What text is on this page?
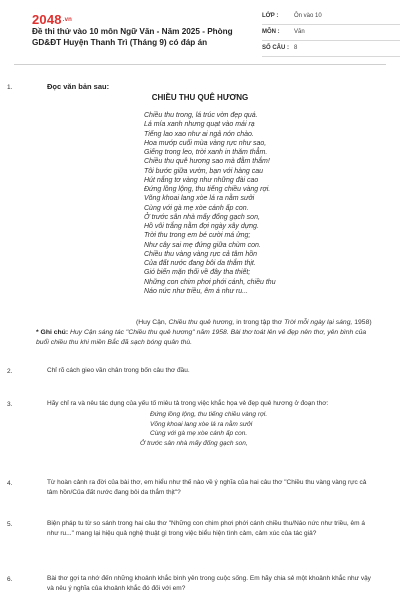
$2048^{.vn}$
Đề thi thử vào 10 môn Ngữ Văn - Năm 2025 - Phòng GD&ĐT Huyện Thanh Trì (Tháng 9) có đáp án
LỚP :	Ôn vào 10
MÔN : Văn
SỐ CÂU : 8
1.	Đọc văn bản sau:
CHIỀU THU QUÊ HƯƠNG
Chiều thu trong, lá trúc vờn đẹp quá.
Lá mía xanh nhưng quạt vào mái rạ
Tiếng lao xao như ai ngả nón chào.
Hoa mướp cuối mùa vàng rực như sao,
Giếng trong leo, trời xanh in thăm thẳm.
Chiều thu quê hương sao mà đằm thắm!
Tôi bước giữa vườn, bạn với hàng cau
Hút nắng tơ vàng như những đài cao
Đứng lồng lộng, thu tiếng chiều vàng rợi.
Võng khoai lang xòe lá ra nằm sưởi
Cùng với gà mẹ xòe cánh ấp con.
Ở trước sân nhà mấy đống gạch son,
Hồ vôi trắng nằm đợi ngày xây dựng.
Trời thu trong em bé cười má ửng;
Như cây sai mẹ đứng giữa chùm con.
Chiều thu vàng vàng rực cả tâm hồn
Của đất nước đang bôi da thắm thịt.
Gió biển mặn thổi về đây tha thiết;
Những con chim phơi phới cánh, chiều thu
Náo nức như triều, êm á như ru...
(Huy Cận, Chiều thu quê hương, in trong tập thơ Trời mỗi ngày lại sáng, 1958)
* Ghi chú: Huy Cận sáng tác "Chiều thu quê hương" năm 1958. Bài thơ toát lên vẻ đẹp nên thơ, yên bình của buổi chiều thu khi miền Bắc đã sạch bóng quân thù.
2.	Chỉ rõ cách gieo vần chân trong bốn câu thơ đầu.
3.	Hãy chỉ ra và nêu tác dụng của yếu tố miêu tả trong việc khắc họa vẻ đẹp quê hương ở đoạn thơ:
Đứng lồng lộng, thu tiếng chiều vàng rợi.
Võng khoai lang xòe lá ra nằm sưởi
Cùng với gà mẹ xòe cánh ấp con.
Ở trước sân nhà mấy đống gạch son,
4.	Từ hoàn cảnh ra đời của bài thơ, em hiểu như thế nào về ý nghĩa của hai câu thơ "Chiều thu vàng vàng rực cả tâm hồn/Của đất nước đang bôi da thắm thịt"?
5.	Biện pháp tu từ so sánh trong hai câu thơ "Những con chim phơi phới cánh chiều thu/Náo nức như triều, êm á như ru..." mang lại hiệu quả nghệ thuật gì trong việc biểu hiện tình cảm, cảm xúc của tác giả?
6.	Bài thơ gợi ta nhớ đến những khoảnh khắc bình yên trong cuộc sống. Em hãy chia sẻ một khoảnh khắc như vậy và nêu ý nghĩa của khoảnh khắc đó đối với em?
